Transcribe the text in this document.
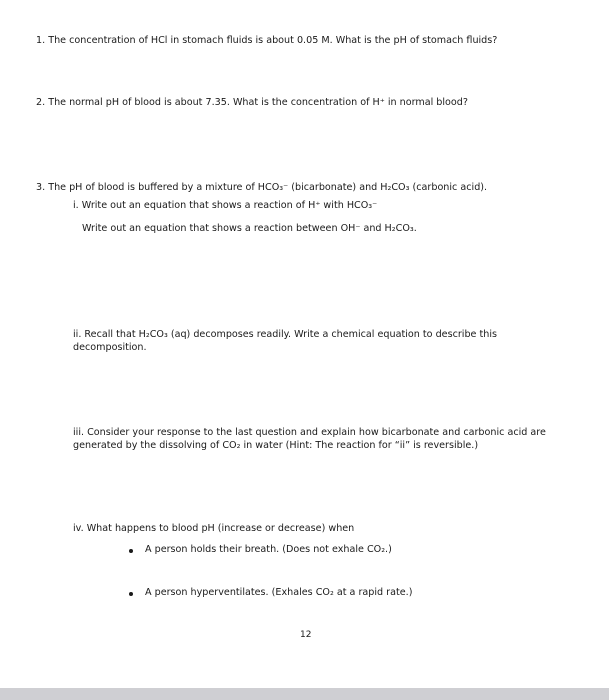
1. The concentration of HCl in stomach fluids is about 0.05 M. What is the pH of stomach fluids?
2. The normal pH of blood is about 7.35. What is the concentration of H⁺ in normal blood?
3. The pH of blood is buffered by a mixture of HCO₃⁻ (bicarbonate) and H₂CO₃ (carbonic acid).
i. Write out an equation that shows a reaction of H⁺ with HCO₃⁻
Write out an equation that shows a reaction between OH⁻ and H₂CO₃.
ii. Recall that H₂CO₃ (aq) decomposes readily. Write a chemical equation to describe this
decomposition.
iii. Consider your response to the last question and explain how bicarbonate and carbonic acid are
generated by the dissolving of CO₂ in water (Hint: The reaction for “ii” is reversible.)
iv. What happens to blood pH (increase or decrease) when
A person holds their breath. (Does not exhale CO₂.)
A person hyperventilates. (Exhales CO₂ at a rapid rate.)
12
